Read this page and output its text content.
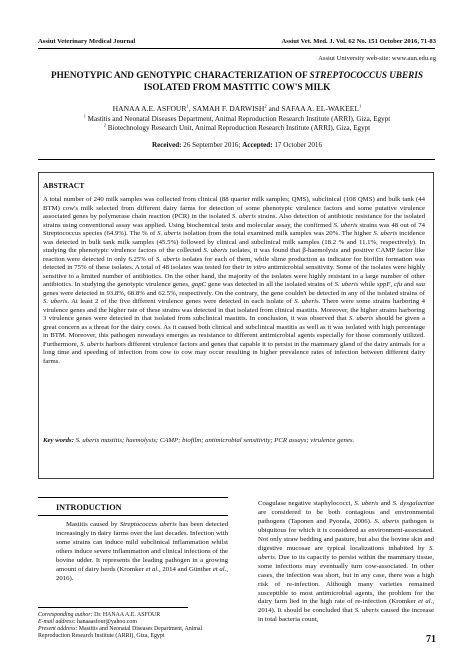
Assiut Veterinary Medical Journal	Assiut Vet. Med. J. Vol. 62 No. 151 October 2016, 71-83
Assiut University web-site: www.aun.edu.eg
PHENOTYPIC AND GENOTYPIC CHARACTERIZATION OF STREPTOCOCCUS UBERIS
ISOLATED FROM MASTITIC COW'S MILK
HANAA A.E. ASFOUR$^1$, SAMAH F. DARWISH$^2$ and SAFAA A. EL-WAKEEL$^1$
$^1$ Mastitis and Neonatal Diseases Department, Animal Reproduction Research Institute (ARRI), Giza, Egypt
$^2$ Biotechnology Research Unit, Animal Reproduction Research Institute (ARRI), Giza, Egypt
Received: 26 September 2016; Accepted: 17 October 2016
ABSTRACT
A total number of 240 milk samples was collected from clinical (88 quarter milk samples; QMS), subclinical (108 QMS) and bulk tank (44 BTM) cow's milk selected from different dairy farms for detection of some phenotypic virulence factors and some putative virulence associated genes by polymerase chain reaction (PCR) in the isolated S. uberis strains. Also detection of antibiotic resistance for the isolated strains using conventional assay was applied. Using biochemical tests and molecular assay, the confirmed S. uberis strains was 48 out of 74 Streptococcus species (64.9%). The % of S. uberis isolation from the total examined milk samples was 20%. The higher S. uberis incidence was detected in bulk tank milk samples (45.5%) followed by clinical and subclinical milk samples (18.2 % and 11.1%, respectively). In studying the phenotypic virulence factors of the collected S. uberis isolates, it was found that β-haemolysis and positive CAMP factor like reaction were detected in only 6.25% of S. uberis isolates for each of them, while slime production as indicator for biofilm formation was detected in 75% of these isolates. A total of 48 isolates was tested for their in vitro antimicrobial sensitivity. Some of the isolates were highly sensitive to a limited number of antibiotics. On the other hand, the majority of the isolates were highly resistant to a large number of other antibiotics. In studying the genotypic virulence genes, gapC gene was detected in all the isolated strains of S. uberis while sppF, cfu and sua genes were detected in 93.8%, 68.8% and 62.5%, respectively. On the contrary, the gene couldn't be detected in any of the isolated strains of S. uberis. At least 2 of the five different virulence genes were detected in each isolate of S. uberis. There were some strains harboring 4 virulence genes and the higher rate of these strains was detected in that isolated from clinical mastitis. Moreover, the higher strains harboring 3 virulence genes were detected in that isolated from subclinical mastitis. In conclusion, it was observed that S. uberis should be given a great concern as a threat for the dairy cows. As it caused both clinical and subclinical mastitis as well as it was isolated with high percentage in BTM. Moreover, this pathogen nowadays emerges as resistance to different antimicrobial agents especially for those commonly utilized. Furthermore, S. uberis harbors different virulence factors and genes that capable it to persist in the mammary gland of the dairy animals for a long time and speeding of infection from cow to cow may occur resulting in higher prevalence rates of infection between different dairy farms.
Key words: S. uberis mastitis; haemolysis; CAMP; biofilm; antimicrobial sensitivity; PCR assays; virulence genes.
INTRODUCTION
Mastitis caused by Streptococcus uberis has been detected increasingly in dairy farms over the last decades. Infection with some strains can induce mild subclinical inflammation whilst others induce severe inflammation and clinical infections of the bovine udder. It represents the leading pathogen in a growing amount of dairy herds (Kromker et al., 2014 and Günther et al., 2016).
Coagulase negative staphylococci, S. uberis and S. dysgalactiae are considered to be both contagious and environmental pathogens (Taponen and Pyorala, 2006). S. uberis pathogen is ubiquitous for which it is considered as environment-associated. Not only straw bedding and pasture, but also the bovine skin and digestive mucosae are typical localizations inhabited by S. uberis. Due to its capacity to persist within the mammary tissue, some infections may eventually turn cow-associated. In other cases, the infection was short, but in any case, there was a high risk of re-infection. Although many varieties remained susceptible to most antimicrobial agents, the problem for the dairy farm lied in the high rate of re-infection (Kromker et al., 2014). It should be concluded that S. uberis caused the increase in total bacteria count,
Corresponding author: Dr. HANAA A.E. ASFOUR
E-mail address: hanaaasfour@yahoo.com
Present address: Mastitis and Neonatal Diseases Department, Animal Reproduction Research Institute (ARRI), Giza, Egypt	71
